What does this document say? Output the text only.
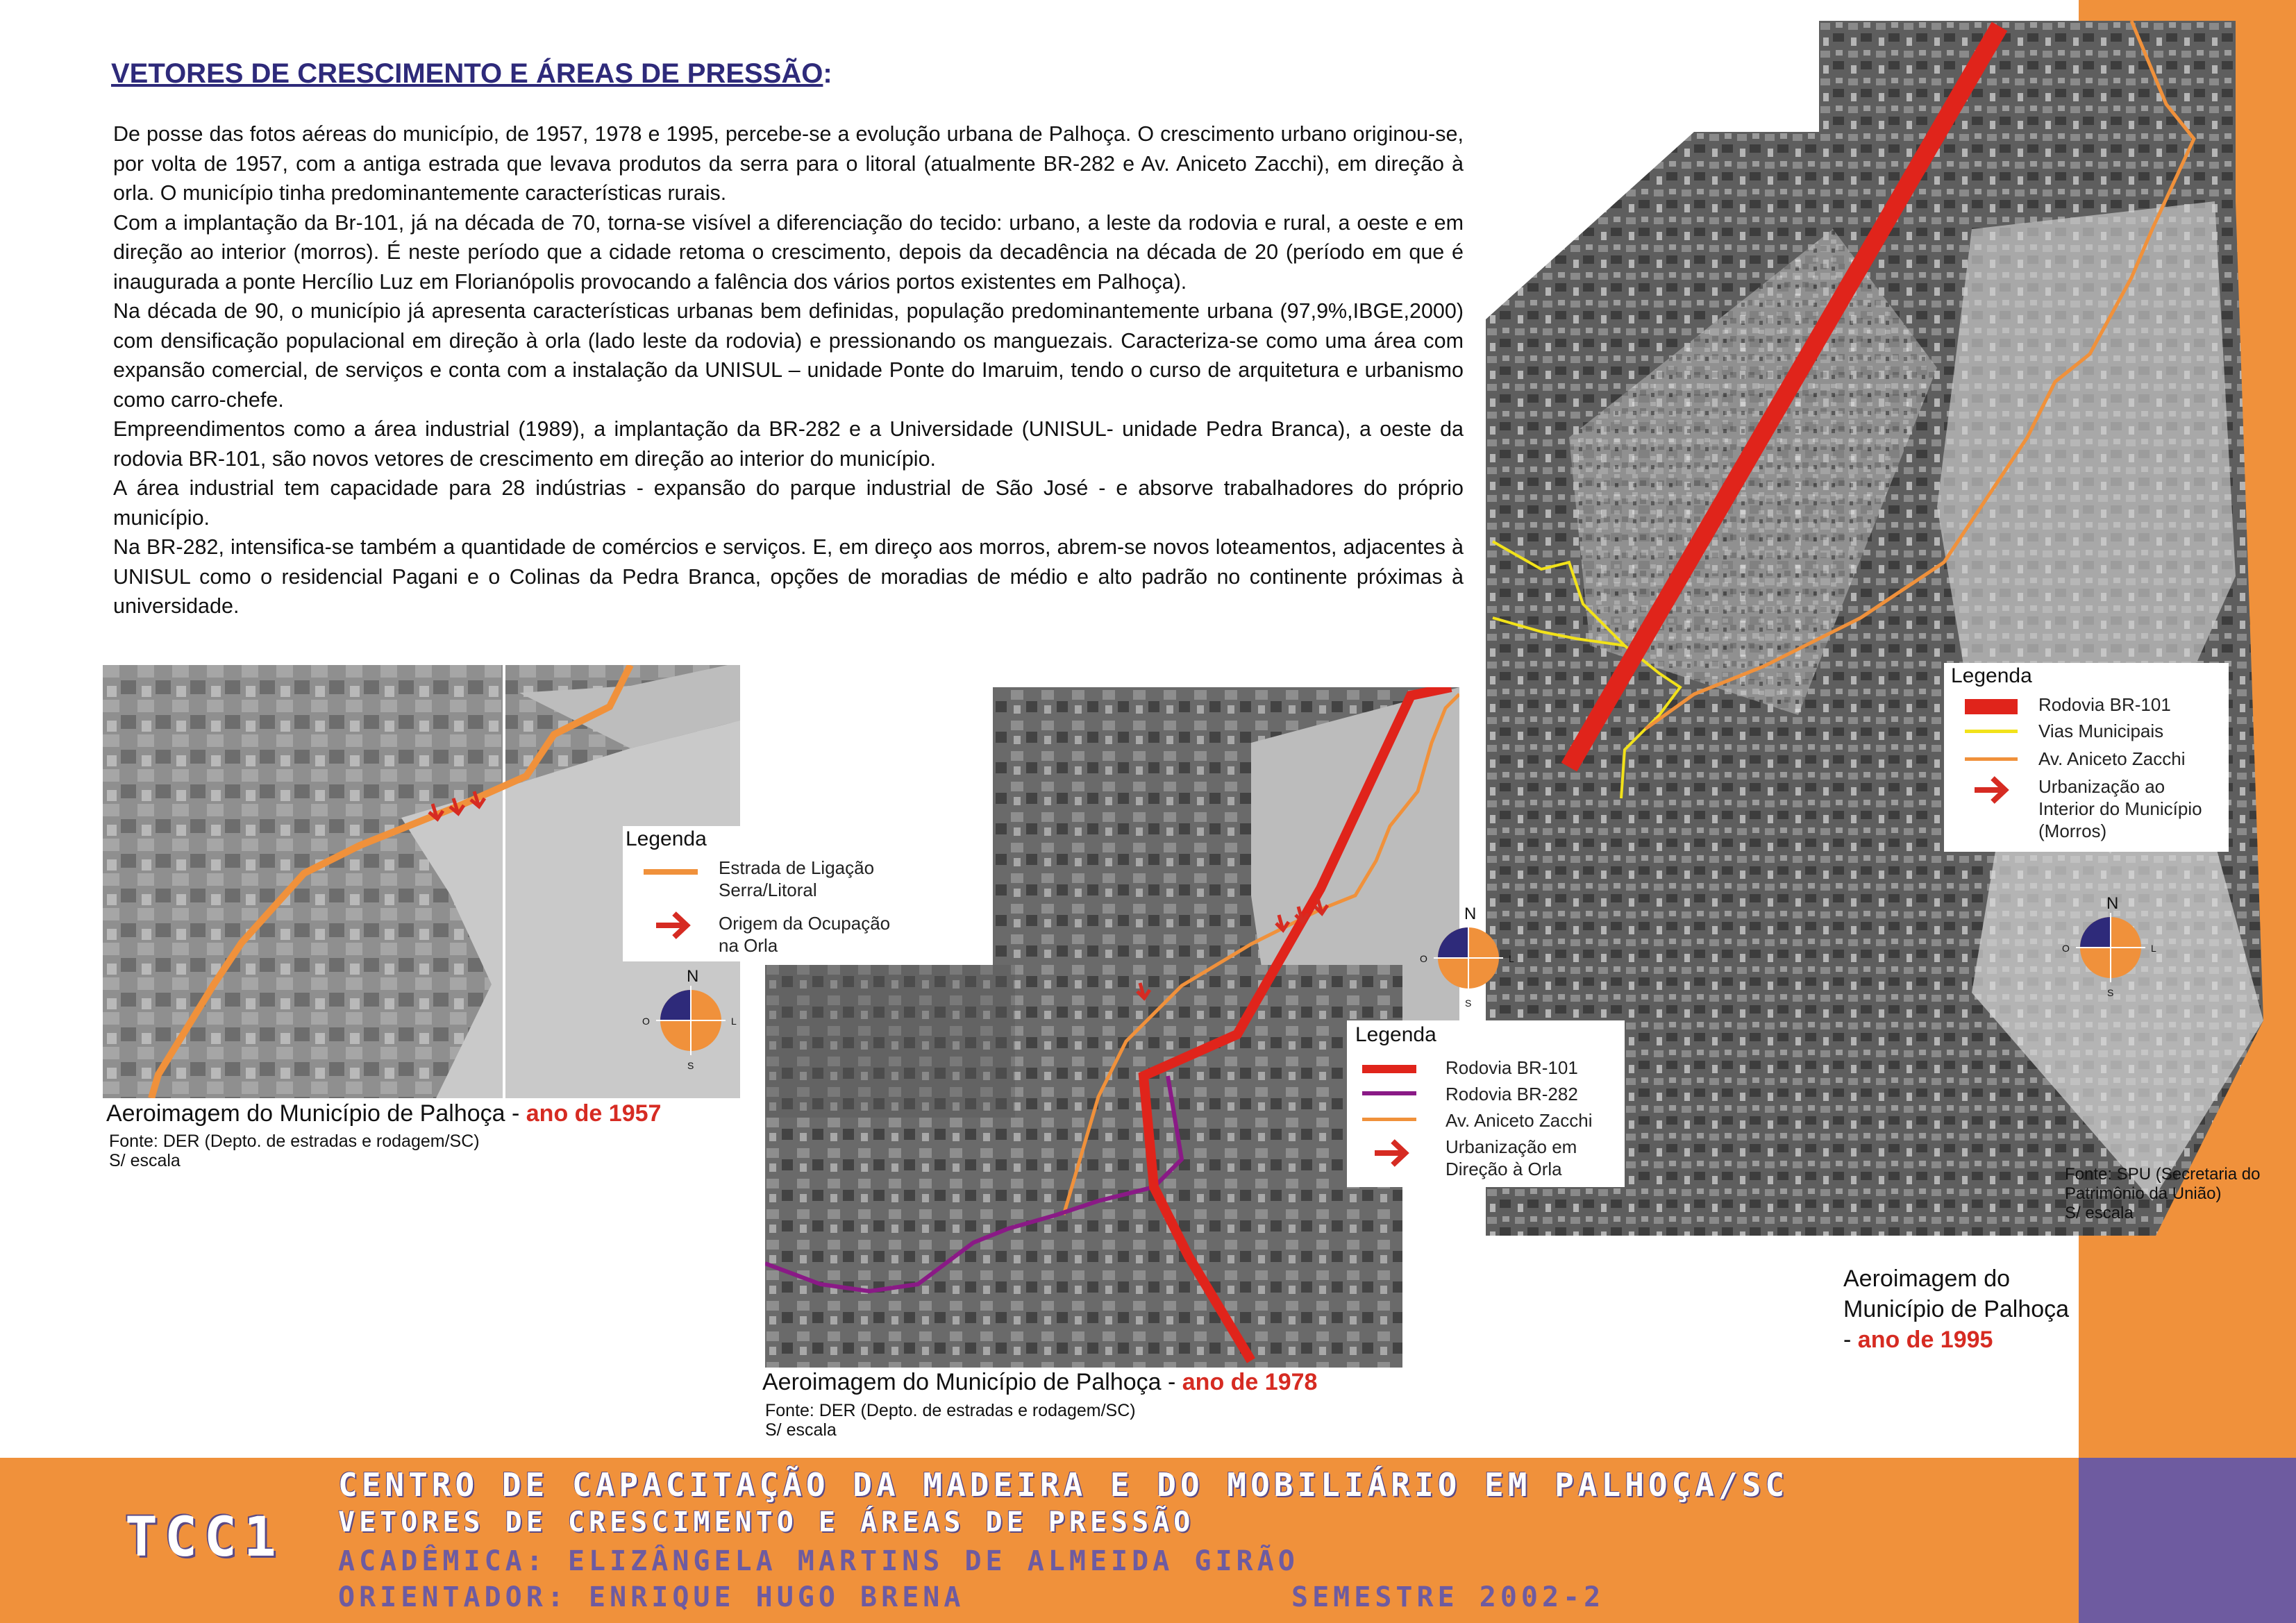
VETORES DE CRESCIMENTO E ÁREAS DE PRESSÃO:

De posse das fotos aéreas do município, de 1957, 1978 e 1995, percebe-se a evolução urbana de Palhoça. O crescimento urbano originou-se, por volta de 1957, com a antiga estrada que levava produtos da serra para o litoral (atualmente BR-282 e Av. Aniceto Zacchi), em direção à orla. O município tinha predominantemente características rurais.

Com a implantação da Br-101, já na década de 70, torna-se visível a diferenciação do tecido: urbano, a leste da rodovia e rural, a oeste e em direção ao interior (morros). É neste período que a cidade retoma o crescimento, depois da decadência na década de 20 (período em que é inaugurada a ponte Hercílio Luz em Florianópolis provocando a falência dos vários portos existentes em Palhoça).

Na década de 90, o município já apresenta características urbanas bem definidas, população predominantemente urbana (97,9%,IBGE,2000) com densificação populacional em direção à orla (lado leste da rodovia) e pressionando os manguezais. Caracteriza-se como uma área com expansão comercial, de serviços e conta com a instalação da UNISUL – unidade Ponte do Imaruim, tendo o curso de arquitetura e urbanismo como carro-chefe.

Empreendimentos como a área industrial (1989), a implantação da BR-282 e a Universidade (UNISUL- unidade Pedra Branca), a oeste da rodovia BR-101, são novos vetores de crescimento em direção ao interior do município.

A área industrial tem capacidade para 28 indústrias - expansão do parque industrial de São José - e absorve trabalhadores do próprio município.

Na BR-282, intensifica-se também a quantidade de comércios e serviços. E, em direço aos morros, abrem-se novos loteamentos, adjacentes à UNISUL como o residencial Pagani e o Colinas da Pedra Branca, opções de moradias de médio e alto padrão no continente próximas à universidade.

Legenda
Rodovia BR-101
Vias Municipais
Av. Aniceto Zacchi
Urbanização ao Interior do Município (Morros)
N
S
L
O
Fonte: SPU (Secretaria do
Patrimônio da União)
S/ escala
Aeroimagem do
Município de Palhoça
- ano de 1995
Legenda
Estrada de Ligação Serra/Litoral
Origem da Ocupação na Orla
N
S
L
O
Aeroimagem do Município de Palhoça - ano de 1957
Fonte: DER (Depto. de estradas e rodagem/SC)
S/ escala
Legenda
Rodovia BR-101
Rodovia BR-282
Av. Aniceto Zacchi
Urbanização em Direção à Orla
N
S
L
O
Aeroimagem do Município de Palhoça - ano de 1978
Fonte: DER (Depto. de estradas e rodagem/SC)
S/ escala
CENTRO DE CAPACITAÇÃO DA MADEIRA E DO MOBILIÁRIO EM PALHOÇA/SC
VETORES DE CRESCIMENTO E ÁREAS DE PRESSÃO
ACADÊMICA: ELIZÂNGELA MARTINS DE ALMEIDA GIRÃO
ORIENTADOR: ENRIQUE HUGO BRENA	SEMESTRE 2002-2
TCC1
